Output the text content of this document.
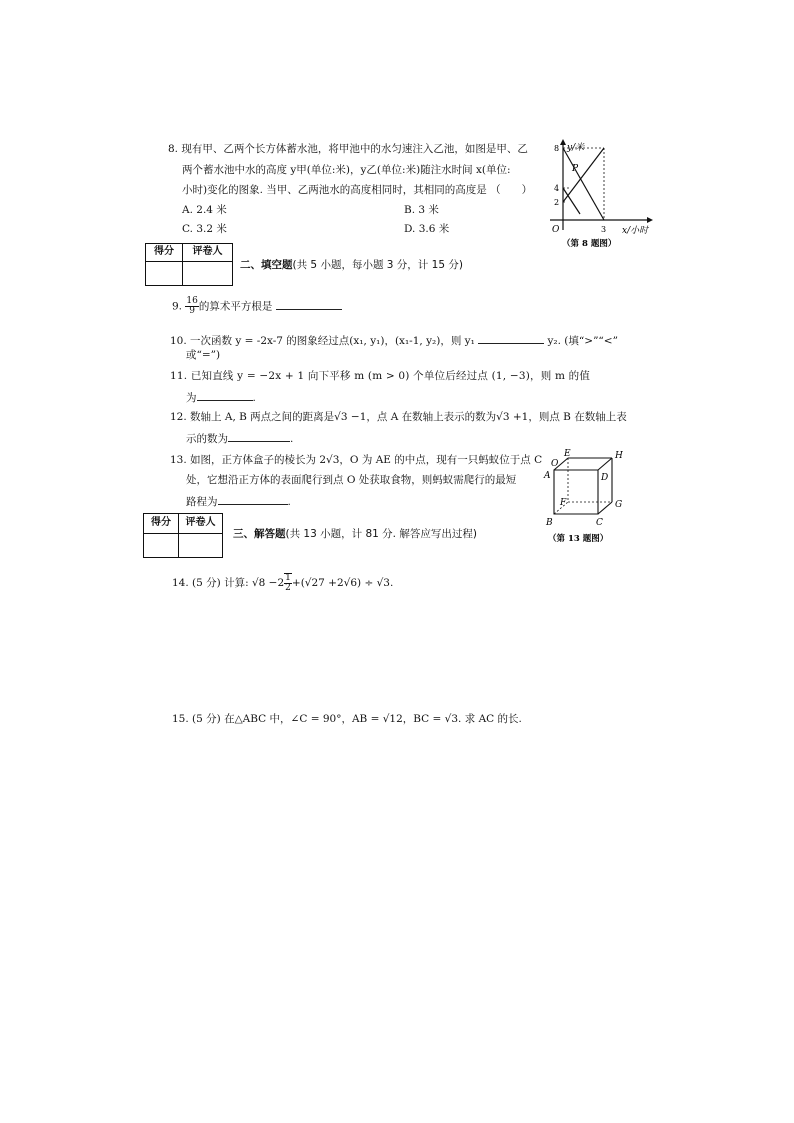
8. 现有甲、乙两个长方体蓄水池，将甲池中的水匀速注入乙池，如图是甲、乙
两个蓄水池中水的高度 y甲(单位:米)，y乙(单位:米)随注水时间 x(单位:
小时)变化的图象. 当甲、乙两池水的高度相同时，其相同的高度是 （　　）
A. 2.4 米	B. 3 米
C. 3.2 米	D. 3.6 米
y/米
8
4
2
P
O	3 x/小时
（第 8 题图）
得分	评卷人

二、填空题(共 5 小题，每小题 3 分，计 15 分)
9. $\frac{16}{9}$ 的算术平方根是
10. 一次函数 y = -2x-7 的图象经过点(x₁, y₁)，(x₁-1, y₂)，则 y₁	y₂. (填“>”“<”
或“=”)
11. 已知直线 y = −2x + 1 向下平移 m (m > 0) 个单位后经过点 (1, −3)，则 m 的值
为	.
12. 数轴上 A, B 两点之间的距离是√3 −1，点 A 在数轴上表示的数为√3 +1，则点 B 在数轴上表
示的数为	.
13. 如图，正方体盒子的棱长为 2√3，O 为 AE 的中点，现有一只蚂蚁位于点 C
处，它想沿正方体的表面爬行到点 O 处获取食物，则蚂蚁需爬行的最短
路程为	.
O
E	H
A	D
F	G
B	C
（第 13 题图）
得分	评卷人

三、解答题(共 13 小题，计 81 分. 解答应写出过程)
14. (5 分) 计算: $√8 -2 \frac{1}{2} +(√27 +2√6) \div √3$.
15. (5 分) 在△ABC 中，∠C = 90°，AB = √12，BC = √3. 求 AC 的长.
